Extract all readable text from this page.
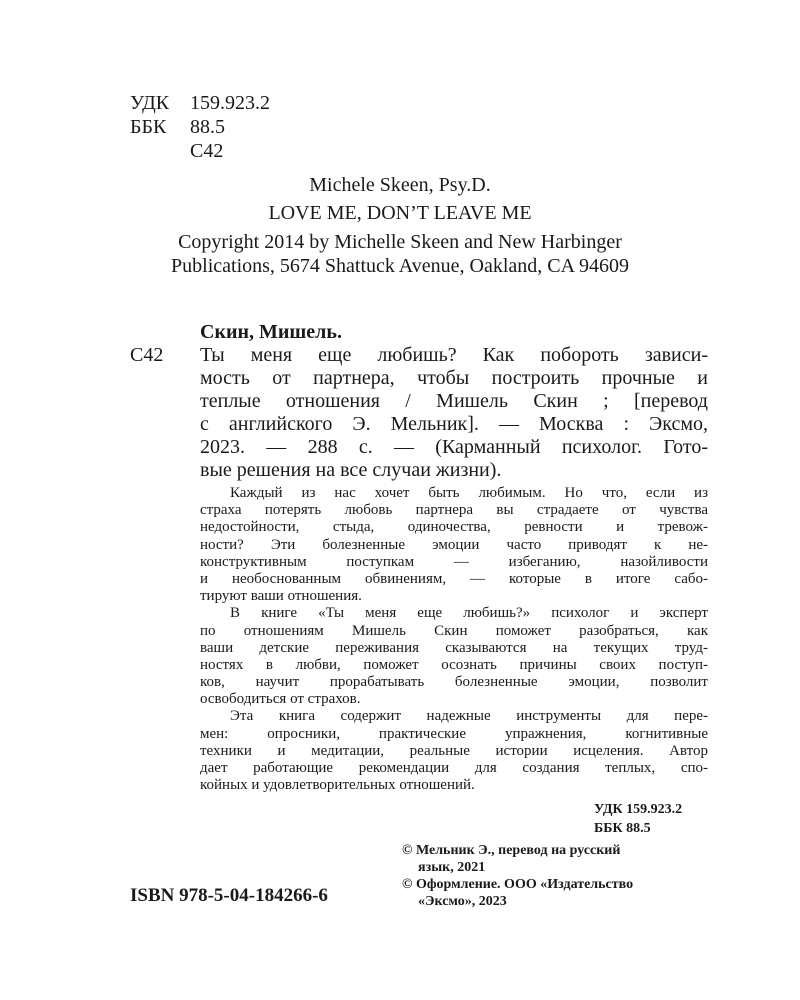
УДК 159.923.2
ББК 88.5
С42
Michele Skeen, Psy.D.
LOVE ME, DON’T LEAVE ME
Copyright 2014 by Michelle Skeen and New Harbinger
Publications, 5674 Shattuck Avenue, Oakland, CA 94609
Скин, Мишель.
С42 Ты меня еще любишь? Как побороть зависи-
мость от партнера, чтобы построить прочные и
теплые отношения / Мишель Скин ; [перевод
с английского Э. Мельник]. — Москва : Эксмо,
2023. — 288 с. — (Карманный психолог. Гото-
вые решения на все случаи жизни).
Каждый из нас хочет быть любимым. Но что, если из
страха потерять любовь партнера вы страдаете от чувства
недостойности, стыда, одиночества, ревности и тревож-
ности? Эти болезненные эмоции часто приводят к не-
конструктивным поступкам — избеганию, назойливости
и необоснованным обвинениям, — которые в итоге сабо-
тируют ваши отношения.
В книге «Ты меня еще любишь?» психолог и эксперт
по отношениям Мишель Скин поможет разобраться, как
ваши детские переживания сказываются на текущих труд-
ностях в любви, поможет осознать причины своих поступ-
ков, научит прорабатывать болезненные эмоции, позволит
освободиться от страхов.
Эта книга содержит надежные инструменты для пере-
мен: опросники, практические упражнения, когнитивные
техники и медитации, реальные истории исцеления. Автор
дает работающие рекомендации для создания теплых, спо-
койных и удовлетворительных отношений.
УДК 159.923.2
ББК 88.5
© Мельник Э., перевод на русский
язык, 2021
© Оформление. ООО «Издательство
«Эксмо», 2023
ISBN 978-5-04-184266-6
